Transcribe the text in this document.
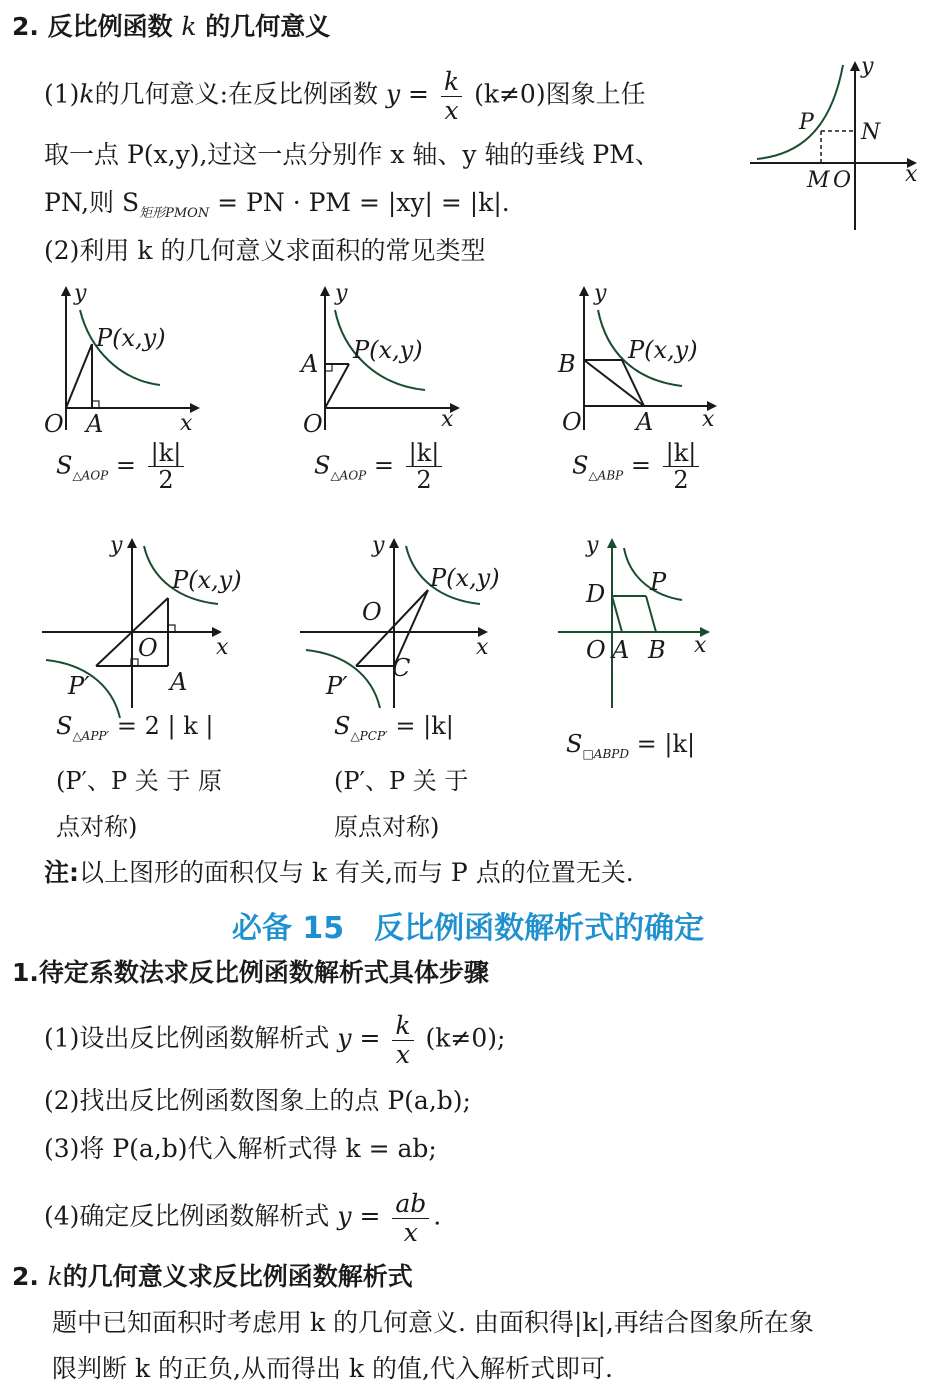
2. 反比例函数 k 的几何意义
(1)k的几何意义:在反比例函数 $y = \frac{k}{x} (k\ne 0)$图象上任
取一点 P(x,y),过这一点分别作 x 轴、y 轴的垂线 PM、
PN,则 $S_{矩形PMON}$ = PN · PM = |xy| = |k|.
(2)利用 k 的几何意义求面积的常见类型
P N
M O x
y
P(x,y)
O A	x
y
P(x,y)
A
O	x
y
P(x,y)
B
O A x
y
$S_{\triangle AOP} = \frac{|k|}{2}$	$S_{\triangle AOP} = \frac{|k|}{2}$	$S_{\triangle ABP} = \frac{|k|}{2}$
P(x,y)
O
A
P′
x
y
P(x,y)
O
C
P′
x
y
P
D
O A B x
y
$S_{\triangle APP'} = 2$ | k |
(P′、P 关 于 原
点对称)
$S_{\triangle PCP'} = |k|$
(P′、P 关 于
原点对称)
$S_{□ABPD} = |k|$
注:以上图形的面积仅与 k 有关,而与 P 点的位置无关.
必备 15　反比例函数解析式的确定
1.待定系数法求反比例函数解析式具体步骤
(1)设出反比例函数解析式 $y = \frac{k}{x} (k\ne 0)$;
(2)找出反比例函数图象上的点 P(a,b);
(3)将 P(a,b)代入解析式得 k = ab;
(4)确定反比例函数解析式 $y = \frac{ab}{x}$ .
2. k的几何意义求反比例函数解析式
题中已知面积时考虑用 k 的几何意义. 由面积得|k|,再结合图象所在象
限判断 k 的正负,从而得出 k 的值,代入解析式即可.
